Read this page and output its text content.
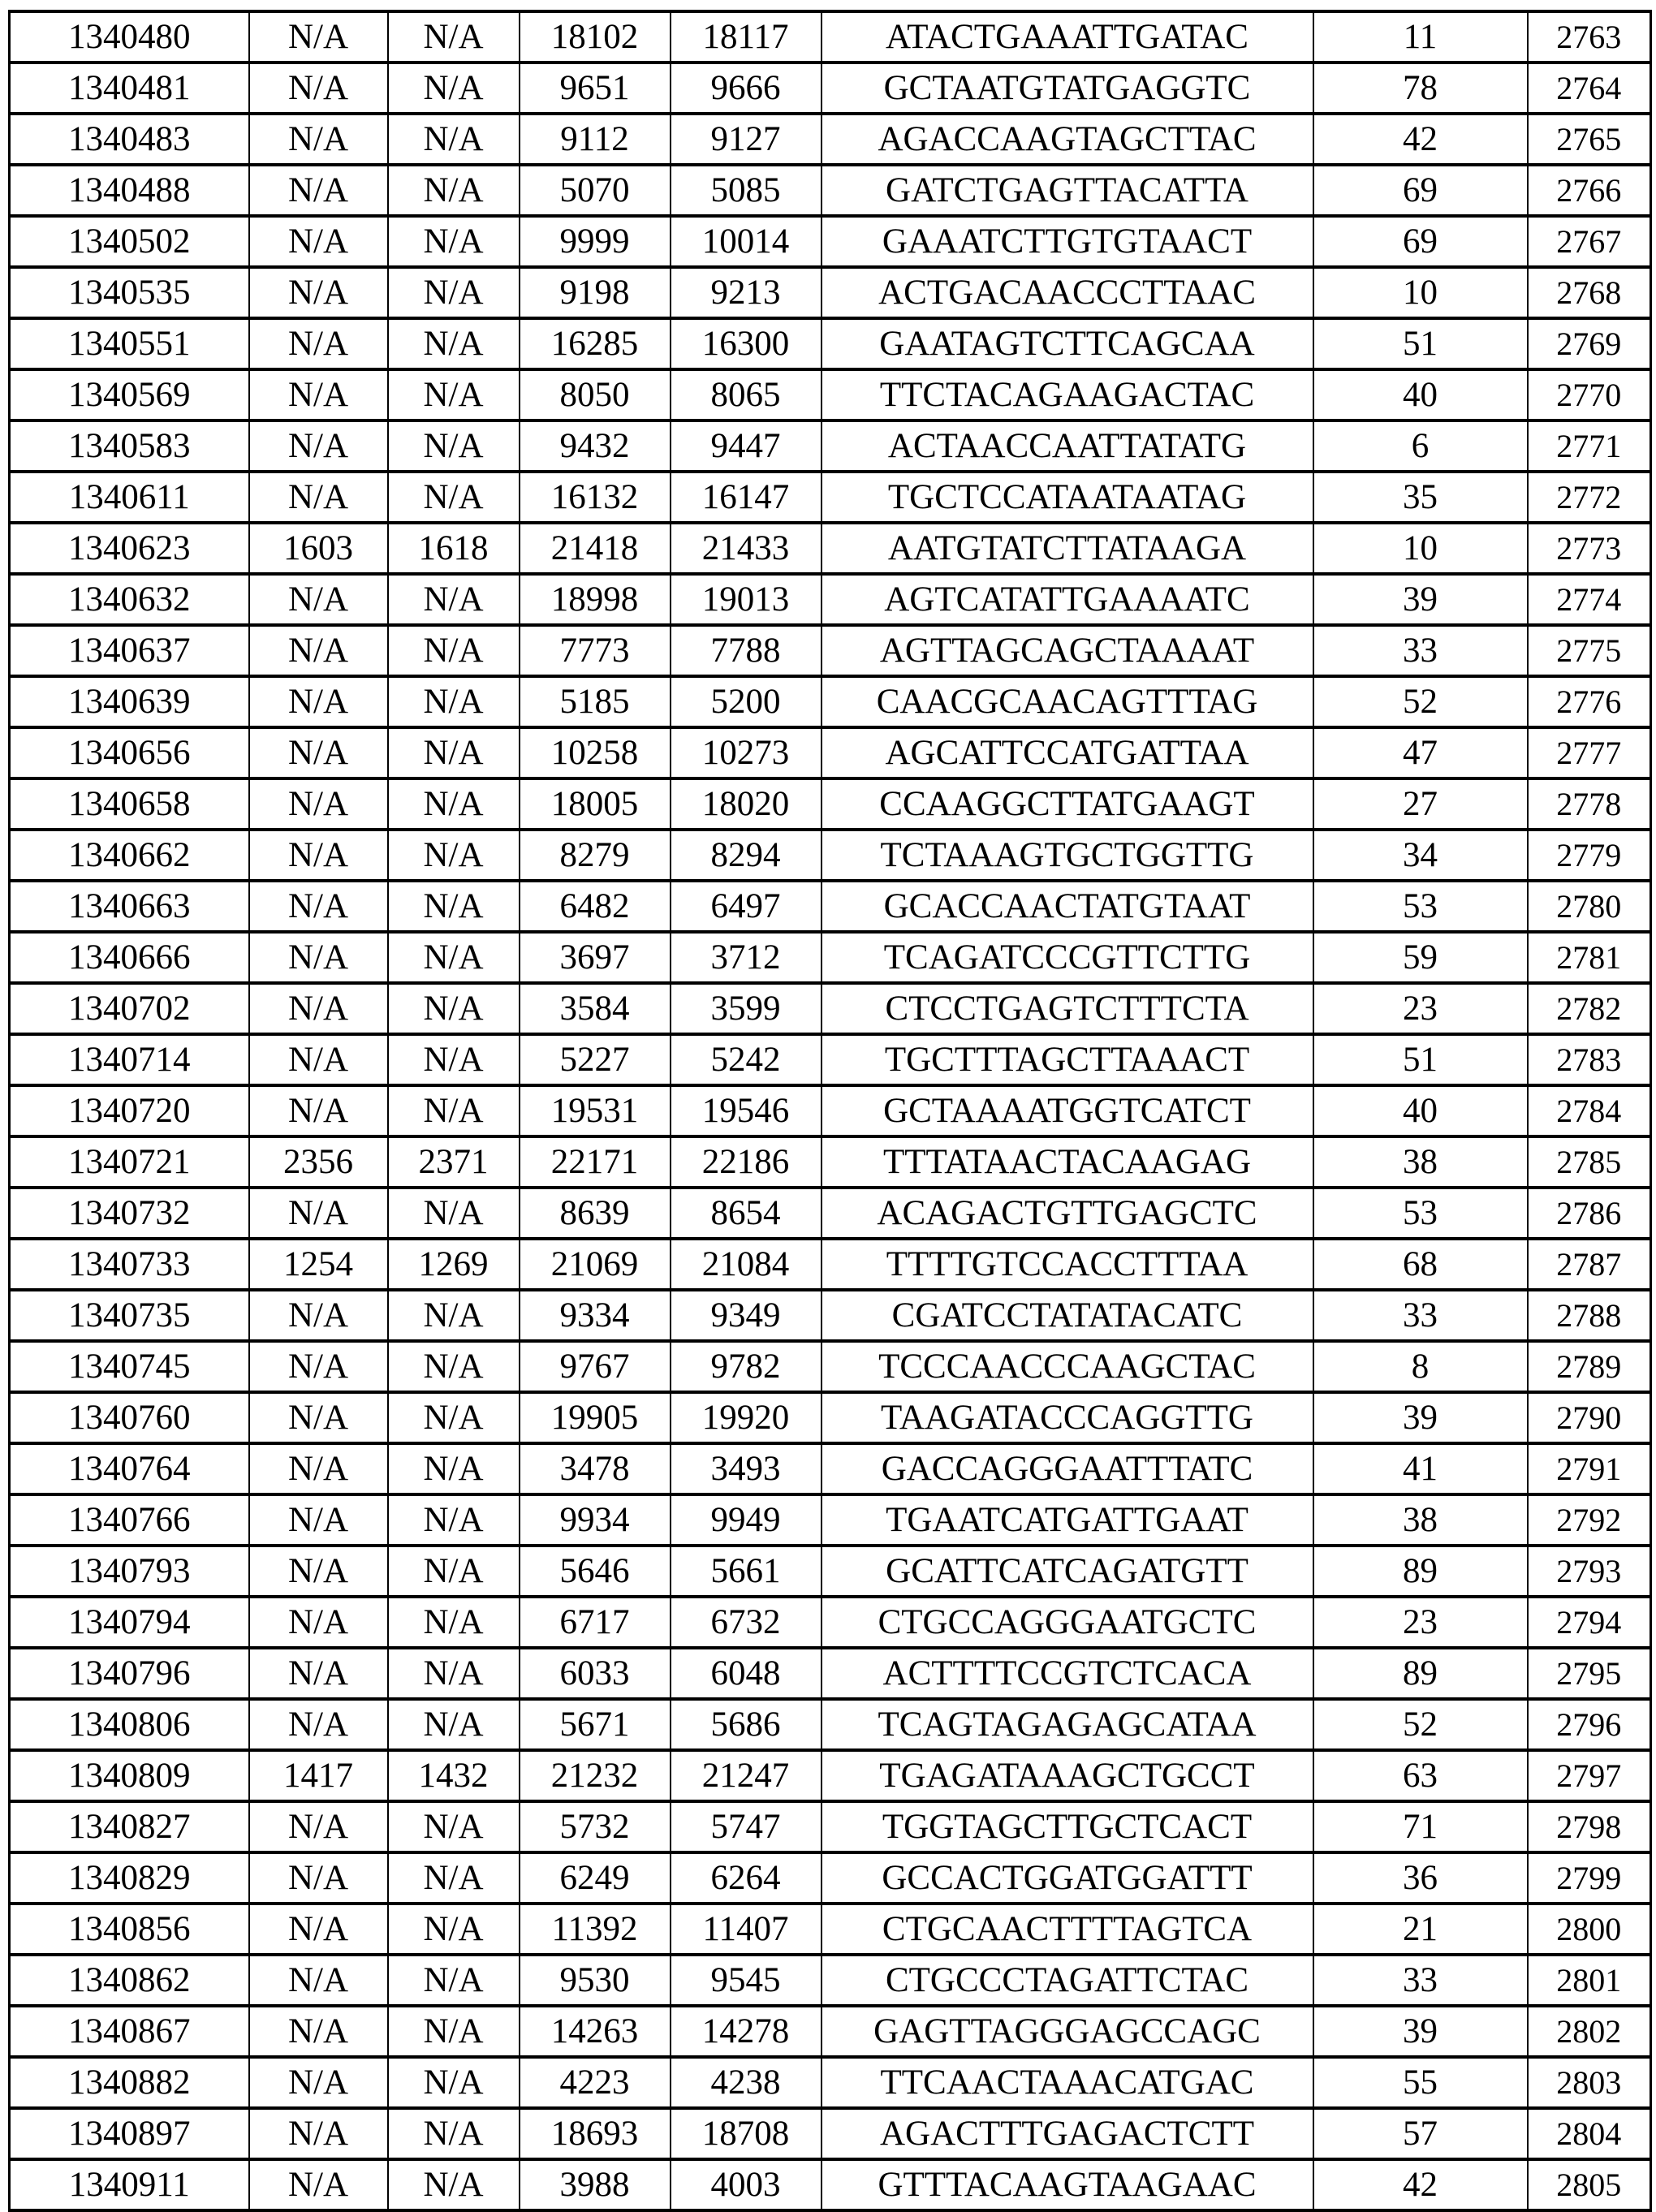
1340480	N/A	N/A	18102	18117	ATACTGAAATTGATAC	11	2763
1340481	N/A	N/A	9651	9666	GCTAATGTATGAGGTC	78	2764
1340483	N/A	N/A	9112	9127	AGACCAAGTAGCTTAC	42	2765
1340488	N/A	N/A	5070	5085	GATCTGAGTTACATTA	69	2766
1340502	N/A	N/A	9999	10014	GAAATCTTGTGTAACT	69	2767
1340535	N/A	N/A	9198	9213	ACTGACAACCCTTAAC	10	2768
1340551	N/A	N/A	16285	16300	GAATAGTCTTCAGCAA	51	2769
1340569	N/A	N/A	8050	8065	TTCTACAGAAGACTAC	40	2770
1340583	N/A	N/A	9432	9447	ACTAACCAATTATATG	6	2771
1340611	N/A	N/A	16132	16147	TGCTCCATAATAATAG	35	2772
1340623	1603	1618	21418	21433	AATGTATCTTATAAGA	10	2773
1340632	N/A	N/A	18998	19013	AGTCATATTGAAAATC	39	2774
1340637	N/A	N/A	7773	7788	AGTTAGCAGCTAAAAT	33	2775
1340639	N/A	N/A	5185	5200	CAACGCAACAGTTTAG	52	2776
1340656	N/A	N/A	10258	10273	AGCATTCCATGATTAA	47	2777
1340658	N/A	N/A	18005	18020	CCAAGGCTTATGAAGT	27	2778
1340662	N/A	N/A	8279	8294	TCTAAAGTGCTGGTTG	34	2779
1340663	N/A	N/A	6482	6497	GCACCAACTATGTAAT	53	2780
1340666	N/A	N/A	3697	3712	TCAGATCCCGTTCTTG	59	2781
1340702	N/A	N/A	3584	3599	CTCCTGAGTCTTTCTA	23	2782
1340714	N/A	N/A	5227	5242	TGCTTTAGCTTAAACT	51	2783
1340720	N/A	N/A	19531	19546	GCTAAAATGGTCATCT	40	2784
1340721	2356	2371	22171	22186	TTTATAACTACAAGAG	38	2785
1340732	N/A	N/A	8639	8654	ACAGACTGTTGAGCTC	53	2786
1340733	1254	1269	21069	21084	TTTTGTCCACCTTTAA	68	2787
1340735	N/A	N/A	9334	9349	CGATCCTATATACATC	33	2788
1340745	N/A	N/A	9767	9782	TCCCAACCCAAGCTAC	8	2789
1340760	N/A	N/A	19905	19920	TAAGATACCCAGGTTG	39	2790
1340764	N/A	N/A	3478	3493	GACCAGGGAATTTATC	41	2791
1340766	N/A	N/A	9934	9949	TGAATCATGATTGAAT	38	2792
1340793	N/A	N/A	5646	5661	GCATTCATCAGATGTT	89	2793
1340794	N/A	N/A	6717	6732	CTGCCAGGGAATGCTC	23	2794
1340796	N/A	N/A	6033	6048	ACTTTTCCGTCTCACA	89	2795
1340806	N/A	N/A	5671	5686	TCAGTAGAGAGCATAA	52	2796
1340809	1417	1432	21232	21247	TGAGATAAAGCTGCCT	63	2797
1340827	N/A	N/A	5732	5747	TGGTAGCTTGCTCACT	71	2798
1340829	N/A	N/A	6249	6264	GCCACTGGATGGATTT	36	2799
1340856	N/A	N/A	11392	11407	CTGCAACTTTTAGTCA	21	2800
1340862	N/A	N/A	9530	9545	CTGCCCTAGATTCTAC	33	2801
1340867	N/A	N/A	14263	14278	GAGTTAGGGAGCCAGC	39	2802
1340882	N/A	N/A	4223	4238	TTCAACTAAACATGAC	55	2803
1340897	N/A	N/A	18693	18708	AGACTTTGAGACTCTT	57	2804
1340911	N/A	N/A	3988	4003	GTTTACAAGTAAGAAC	42	2805
